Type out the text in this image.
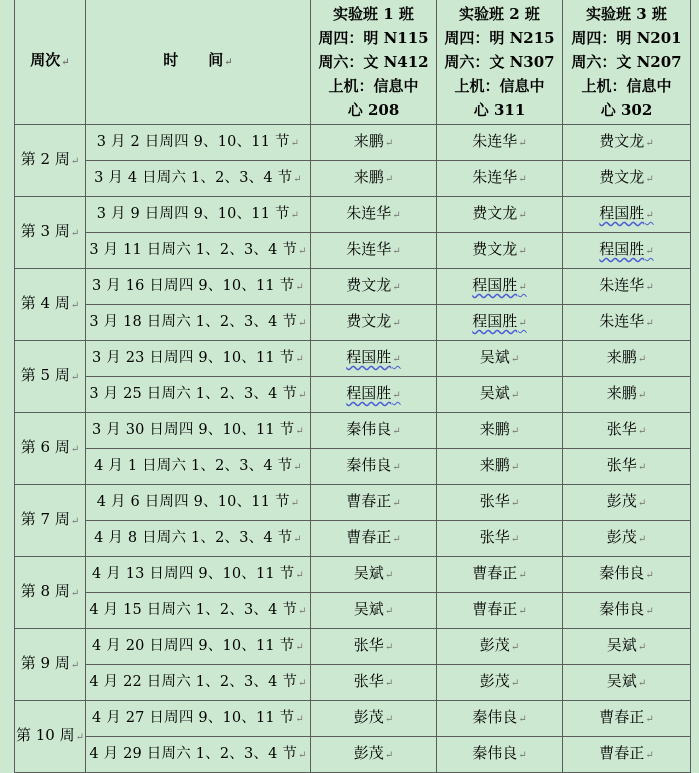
周次↵	时　　间↵	实验班 1 班
周四：明 N115
周六：文 N412
上机：信息中
心 208	实验班 2 班
周四：明 N215
周六：文 N307
上机：信息中
心 311	实验班 3 班
周四：明 N201
周六：文 N207
上机：信息中
心 302

第 2 周↵	3 月 2 日周四 9、10、11 节↵	来鹏↵	朱连华↵	费文龙↵
	3 月 4 日周六 1、2、3、4 节↵	来鹏↵	朱连华↵	费文龙↵
第 3 周↵	3 月 9 日周四 9、10、11 节↵	朱连华↵	费文龙↵	程国胜↵
	3 月 11 日周六 1、2、3、4 节↵	朱连华↵	费文龙↵	程国胜↵
第 4 周↵	3 月 16 日周四 9、10、11 节↵	费文龙↵	程国胜↵	朱连华↵
	3 月 18 日周六 1、2、3、4 节↵	费文龙↵	程国胜↵	朱连华↵
第 5 周↵	3 月 23 日周四 9、10、11 节↵	程国胜↵	吴斌↵	来鹏↵
	3 月 25 日周六 1、2、3、4 节↵	程国胜↵	吴斌↵	来鹏↵
第 6 周↵	3 月 30 日周四 9、10、11 节↵	秦伟良↵	来鹏↵	张华↵
	4 月 1 日周六 1、2、3、4 节↵	秦伟良↵	来鹏↵	张华↵
第 7 周↵	4 月 6 日周四 9、10、11 节↵	曹春正↵	张华↵	彭茂↵
	4 月 8 日周六 1、2、3、4 节↵	曹春正↵	张华↵	彭茂↵
第 8 周↵	4 月 13 日周四 9、10、11 节↵	吴斌↵	曹春正↵	秦伟良↵
	4 月 15 日周六 1、2、3、4 节↵	吴斌↵	曹春正↵	秦伟良↵
第 9 周↵	4 月 20 日周四 9、10、11 节↵	张华↵	彭茂↵	吴斌↵
	4 月 22 日周六 1、2、3、4 节↵	张华↵	彭茂↵	吴斌↵
第 10 周↵	4 月 27 日周四 9、10、11 节↵	彭茂↵	秦伟良↵	曹春正↵
	4 月 29 日周六 1、2、3、4 节↵	彭茂↵	秦伟良↵	曹春正↵
